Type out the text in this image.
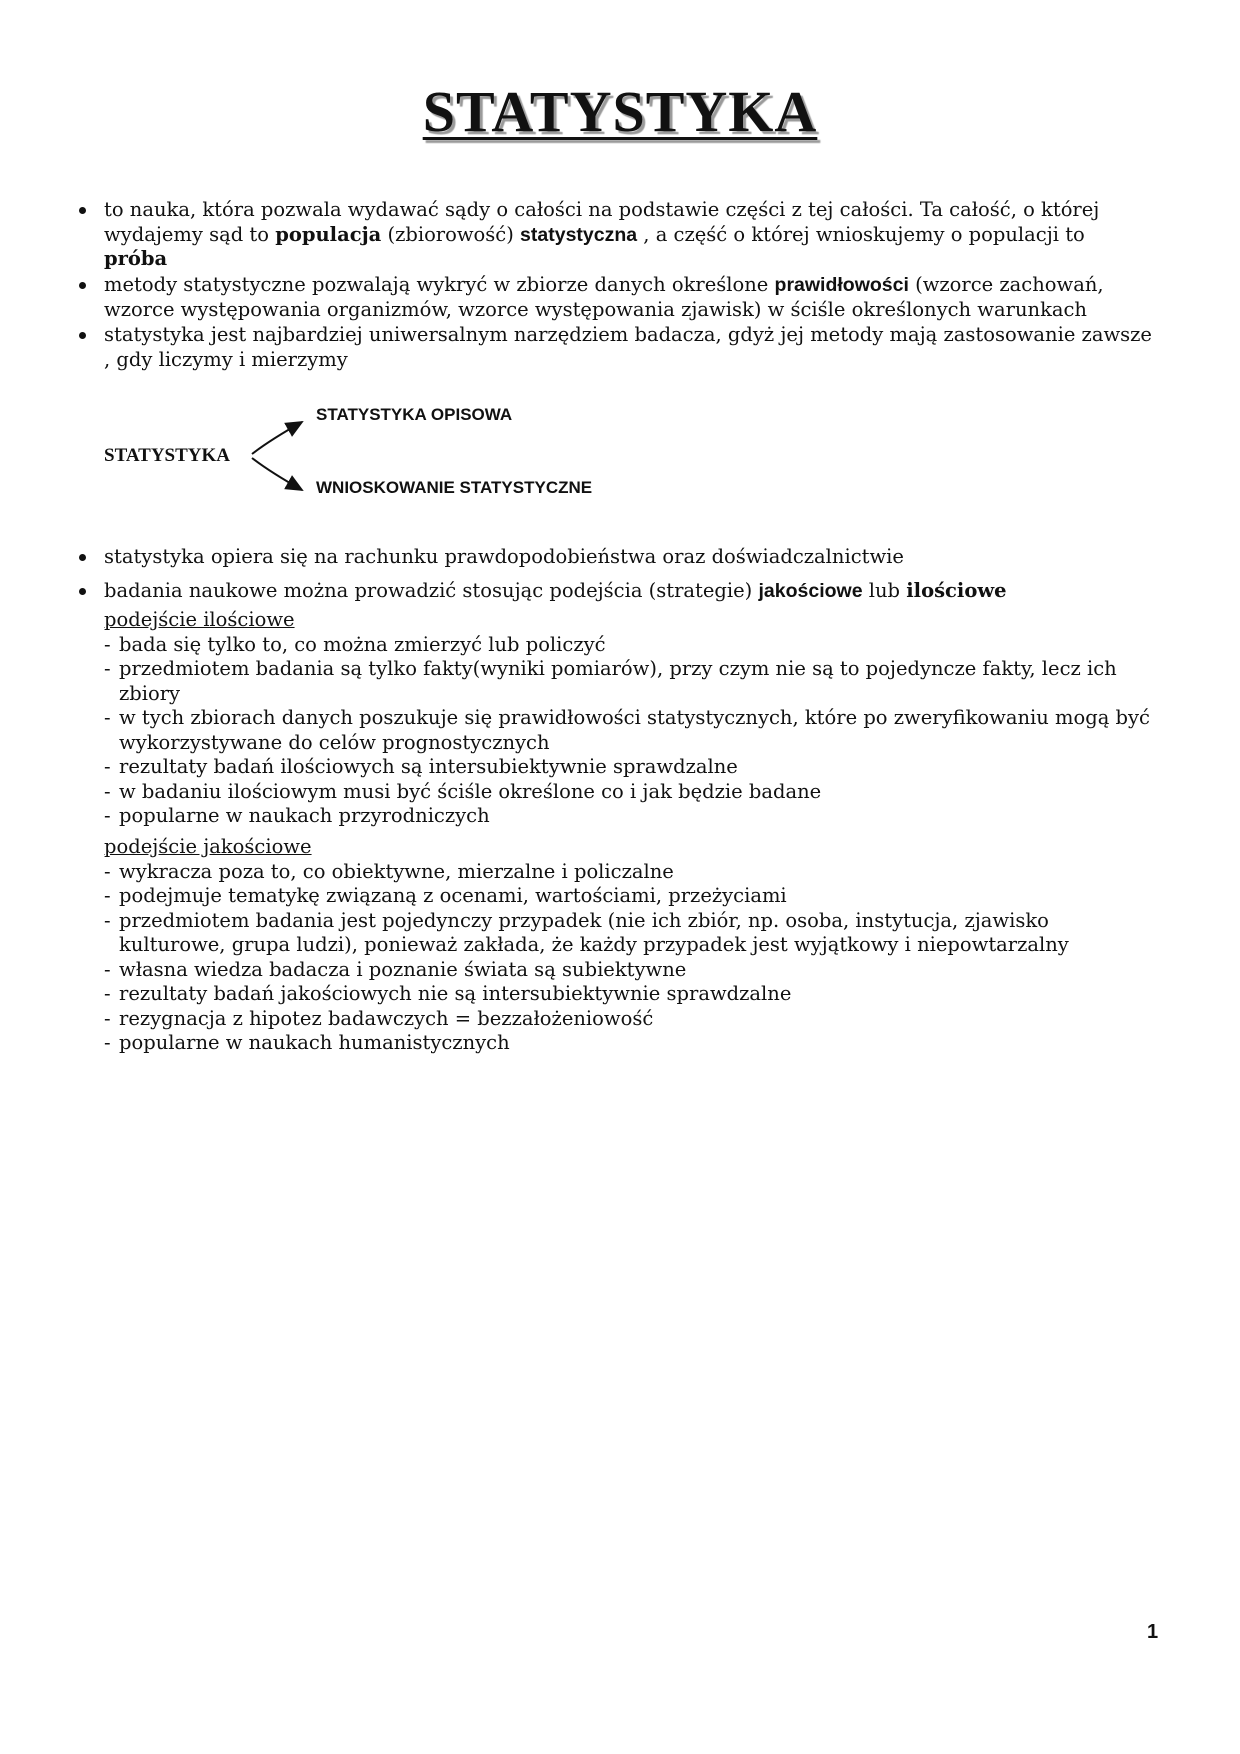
STATYSTYKA
to nauka, która pozwala wydawać sądy o całości na podstawie części z tej całości. Ta całość, o której wydajemy sąd to populacja (zbiorowość) statystyczna , a część o której wnioskujemy o populacji to próba
metody statystyczne pozwalają wykryć w zbiorze danych określone prawidłowości (wzorce zachowań, wzorce występowania organizmów, wzorce występowania zjawisk) w ściśle określonych warunkach
statystyka jest najbardziej uniwersalnym narzędziem badacza, gdyż jej metody mają zastosowanie zawsze , gdy liczymy i mierzymy
statystyka opiera się na rachunku prawdopodobieństwa oraz doświadczalnictwie
badania naukowe można prowadzić stosując podejścia (strategie) jakościowe lub ilościowe
STATYSTYKA
STATYSTYKA OPISOWA
WNIOSKOWANIE STATYSTYCZNE
podejście ilościowe
- bada się tylko to, co można zmierzyć lub policzyć
- przedmiotem badania są tylko fakty(wyniki pomiarów), przy czym nie są to pojedyncze fakty, lecz ich zbiory
- w tych zbiorach danych poszukuje się prawidłowości statystycznych, które po zweryfikowaniu mogą być wykorzystywane do celów prognostycznych
- rezultaty badań ilościowych są intersubiektywnie sprawdzalne
- w badaniu ilościowym musi być ściśle określone co i jak będzie badane
- popularne w naukach przyrodniczych
podejście jakościowe
- wykracza poza to, co obiektywne, mierzalne i policzalne
- podejmuje tematykę związaną z ocenami, wartościami, przeżyciami
- przedmiotem badania jest pojedynczy przypadek (nie ich zbiór, np. osoba, instytucja, zjawisko kulturowe, grupa ludzi), ponieważ zakłada, że każdy przypadek jest wyjątkowy i niepowtarzalny
- własna wiedza badacza i poznanie świata są subiektywne
- rezultaty badań jakościowych nie są intersubiektywnie sprawdzalne
- rezygnacja z hipotez badawczych = bezzałożeniowość
- popularne w naukach humanistycznych
1
